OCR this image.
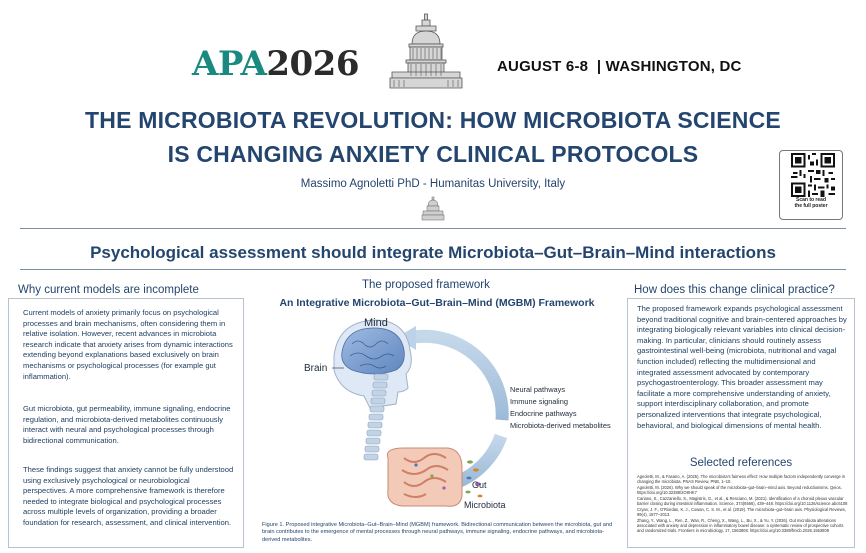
APA2026	AUGUST 6-8  | WASHINGTON, DC
THE MICROBIOTA REVOLUTION: HOW MICROBIOTA SCIENCE
IS CHANGING ANXIETY CLINICAL PROTOCOLS
Massimo Agnoletti PhD - Humanitas University, Italy
Scan to read
the full poster
Psychological assessment should integrate Microbiota–Gut–Brain–Mind interactions
Why current models are incomplete
Current models of anxiety primarily focus on psychological processes and brain mechanisms, often considering them in relative isolation. However, recent advances in microbiota research indicate that anxiety arises from dynamic interactions extending beyond explanations based exclusively on brain mechanisms or psychological processes (for example gut inflammation).
Gut microbiota, gut permeability, immune signaling, endocrine regulation, and microbiota-derived metabolites continuously interact with neural and psychological processes through bidirectional communication.
These findings suggest that anxiety cannot be fully understood using exclusively psychological or neurobiological perspectives. A more comprehensive framework is therefore needed to integrate biological and psychological processes across multiple levels of organization, providing a broader foundation for research, assessment, and clinical intervention.
The proposed framework
An Integrative Microbiota–Gut–Brain–Mind (MGBM) Framework
Mind
Brain
Gut
Microbiota
Neural pathways
Immune signaling
Endocrine pathways
Microbiota-derived metabolites
Figure 1. Proposed integrative Microbiota–Gut–Brain–Mind (MGBM) framework. Bidirectional communication between the microbiota, gut and brain contributes to the emergence of mental processes through neural pathways, immune signaling, endocrine pathways, and microbiota-derived metabolites.
How does this change clinical practice?
The proposed framework expands psychological assessment beyond traditional cognitive and brain-centered approaches by integrating biologically relevant variables into clinical decision-making. In particular, clinicians should routinely assess gastrointestinal well-being (microbiota, nutritional and vagal function included) reflecting the multidimensional and integrated assessment advocated by contemporary psychogastroenterology. This broader assessment may facilitate a more comprehensive understanding of anxiety, support interdisciplinary collaboration, and promote personalized interventions that integrate psychological, behavioral, and biological dimensions of mental health.
Selected references
Agnoletti, M., & Fasano, A. (2025). The microbiota's fairness effect: How multiple factors independently converge in changing the microbiota. PNAS Review, PNB, 1–10.
Agnoletti, M. (2026). Why we should speak of the microbiota–gut–brain–mind axis. Beyond reductionisms. Qeios. https://doi.org/10.32388/2O8HK7
Cariano, S., Cazzaniello, S., Magistris, G., et al., & Resciano, M. (2021). Identification of a choroid plexus vascular barrier closing during intestinal inflammation. Science, 374(6566), 439–448. https://doi.org/10.1126/science.abc6108
Cryan, J. F., O'Riordan, K. J., Cowan, C. S. M., et al. (2019). The microbiota–gut–brain axis. Physiological Reviews, 99(4), 1877–2013.
Zhang, Y., Wang, L., Ren, Z., Wan, R., Cheng, X., Wang, L., Bu, X., & Yu, Y. (2026). Gut microbiota alterations associated with anxiety and depression in inflammatory bowel disease: a systematic review of prospective cohorts and randomized trials. Frontiers in microbiology, 17, 1563808. https://doi.org/10.3389/fmicb.2026.1563809
